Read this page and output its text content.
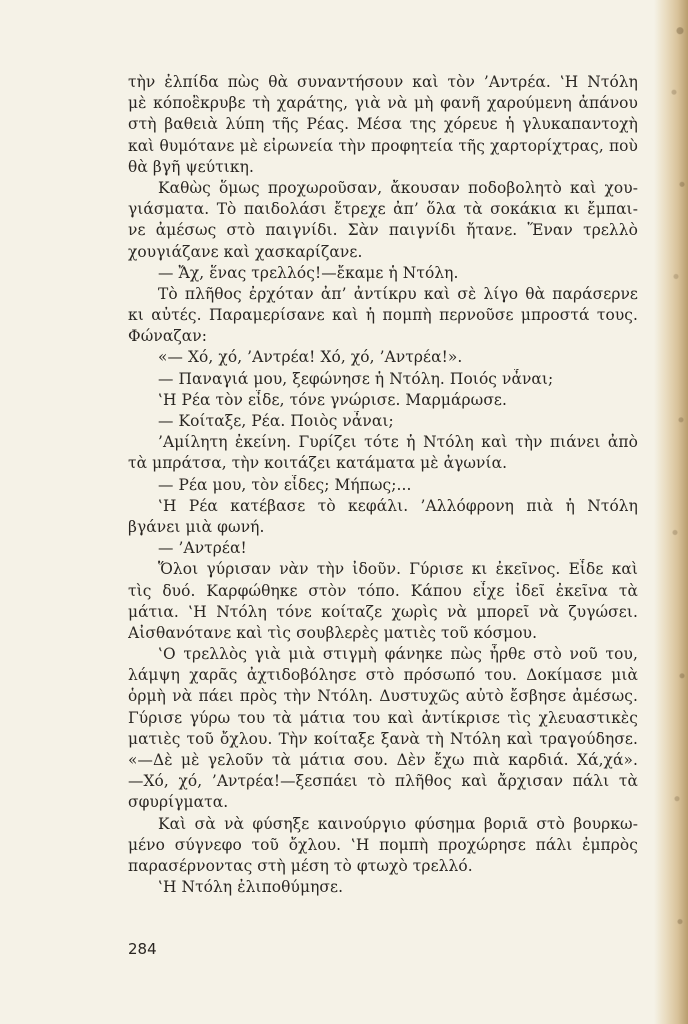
τὴν ἐλπίδα πὼς θὰ συναντήσουν καὶ τὸν ’Αντρέα. ‛Η Ντόλη
μὲ κόποἒκρυβε τὴ χαράτης, γιὰ νὰ μὴ φανῆ χαρούμενη ἀπάνου
στὴ βαθειὰ λύπη τῆς Ρέας. Μέσα της χόρευε ἡ γλυκαπαντοχὴ
καὶ θυμότανε μὲ εἰρωνεία τὴν προφητεία τῆς χαρτορίχτρας, ποὺ
θὰ βγῆ ψεύτικη.
Καθὼς ὅμως προχωροῦσαν, ἄκουσαν ποδοβολητὸ καὶ χου-
γιάσματα. Τὸ παιδολάσι ἔτρεχε ἀπ’ ὅλα τὰ σοκάκια κι ἔμπαι-
νε ἀμέσως στὸ παιγνίδι. Σὰν παιγνίδι ἤτανε. Ἕναν τρελλὸ
χουγιάζανε καὶ χασκαρίζανε.
— Ἄχ, ἕνας τρελλός!—ἔκαμε ἡ Ντόλη.
Τὸ πλῆθος ἐρχόταν ἀπ’ ἀντίκρυ καὶ σὲ λίγο θὰ παράσερνε
κι αὐτές. Παραμερίσανε καὶ ἡ πομπὴ περνοῦσε μπροστά τους.
Φώναζαν:
«— Χό, χό, ’Αντρέα! Χό, χό, ’Αντρέα!».
— Παναγιά μου, ξεφώνησε ἡ Ντόλη. Ποιός νἆναι;
‛Η Ρέα τὸν εἶδε, τόνε γνώρισε. Μαρμάρωσε.
— Κοίταξε, Ρέα. Ποιὸς νἆναι;
’Αμίλητη ἐκείνη. Γυρίζει τότε ἡ Ντόλη καὶ τὴν πιάνει ἀπὸ
τὰ μπράτσα, τὴν κοιτάζει κατάματα μὲ ἀγωνία.
— Ρέα μου, τὸν εἶδες; Μήπως;...
‛Η Ρέα κατέβασε τὸ κεφάλι. ’Αλλόφρονη πιὰ ἡ Ντόλη
βγάνει μιὰ φωνή.
— ’Αντρέα!
Ὅλοι γύρισαν νὰν τὴν ἰδοῦν. Γύρισε κι ἐκεῖνος. Εἶδε καὶ
τὶς δυό. Καρφώθηκε στὸν τόπο. Κάπου εἶχε ἰδεῖ ἐκεῖνα τὰ
μάτια. ‛Η Ντόλη τόνε κοίταζε χωρὶς νὰ μπορεῖ νὰ ζυγώσει.
Αἰσθανότανε καὶ τὶς σουβλερὲς ματιὲς τοῦ κόσμου.
‛Ο τρελλὸς γιὰ μιὰ στιγμὴ φάνηκε πὼς ἦρθε στὸ νοῦ του,
λάμψη χαρᾶς ἀχτιδοβόλησε στὸ πρόσωπό του. Δοκίμασε μιὰ
ὁρμὴ νὰ πάει πρὸς τὴν Ντόλη. Δυστυχῶς αὐτὸ ἔσβησε ἀμέσως.
Γύρισε γύρω του τὰ μάτια του καὶ ἀντίκρισε τὶς χλευαστικὲς
ματιὲς τοῦ ὄχλου. Τὴν κοίταξε ξανὰ τὴ Ντόλη καὶ τραγούδησε.
«—Δὲ μὲ γελοῦν τὰ μάτια σου. Δὲν ἔχω πιὰ καρδιά. Χά,χά».
—Χό, χό, ’Αντρέα!—ξεσπάει τὸ πλῆθος καὶ ἄρχισαν πάλι τὰ
σφυρίγματα.
Καὶ σὰ νὰ φύσηξε καινούργιο φύσημα βοριᾶ στὸ βουρκω-
μένο σύγνεφο τοῦ ὄχλου. ‛Η πομπὴ προχώρησε πάλι ἐμπρὸς
παρασέρνοντας στὴ μέση τὸ φτωχὸ τρελλό.
‛Η Ντόλη ἐλιποθύμησε.
284
